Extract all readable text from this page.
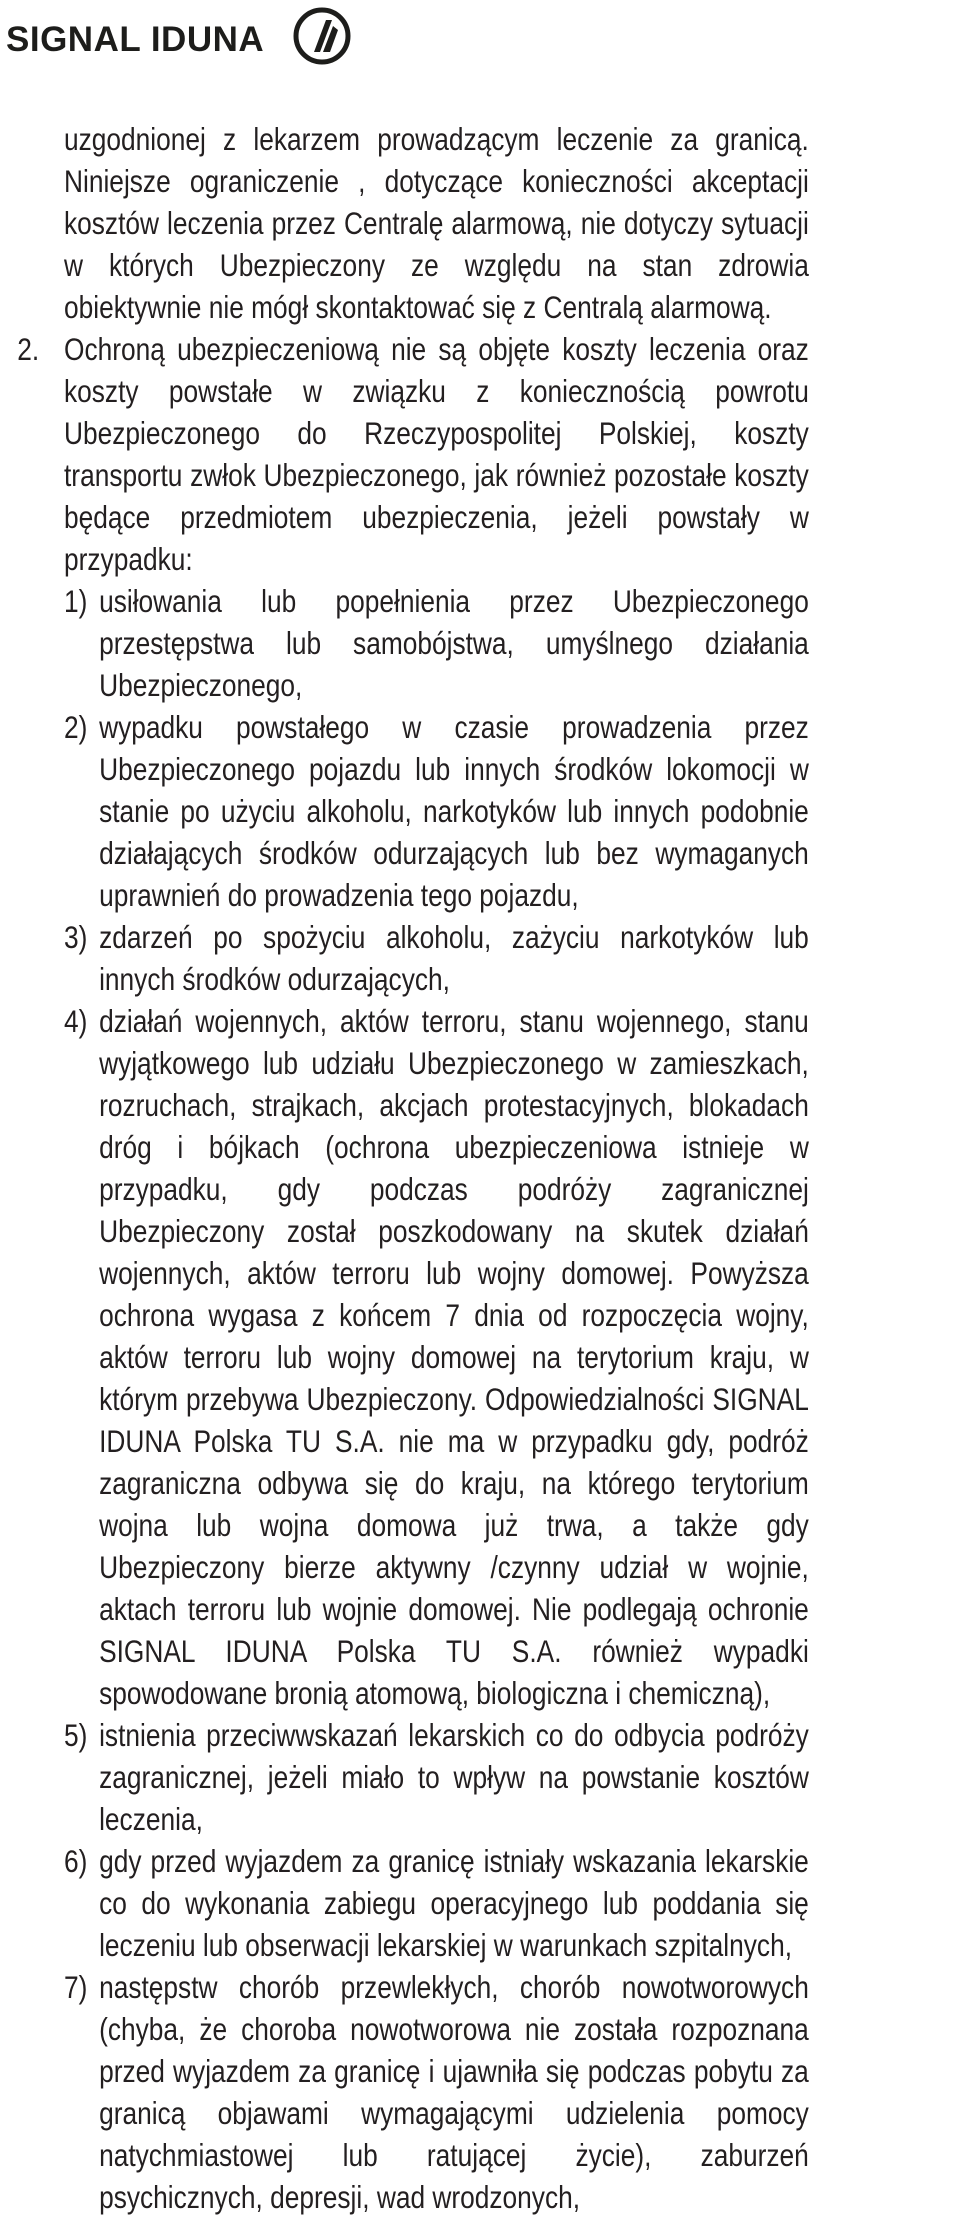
SIGNAL IDUNA

uzgodnionej z lekarzem prowadzącym leczenie za granicą. Niniejsze ograniczenie , dotyczące konieczności akceptacji kosztów leczenia przez Centralę alarmową, nie dotyczy sytuacji w których Ubezpieczony ze względu na stan zdrowia obiektywnie nie mógł skontaktować się z Centralą alarmową.

2. Ochroną ubezpieczeniową nie są objęte koszty leczenia oraz koszty powstałe w związku z koniecznością powrotu Ubezpieczonego do Rzeczypospolitej Polskiej, koszty transportu zwłok Ubezpieczonego, jak również pozostałe koszty będące przedmiotem ubezpieczenia, jeżeli powstały w przypadku:

1) usiłowania lub popełnienia przez Ubezpieczonego przestępstwa lub samobójstwa, umyślnego działania Ubezpieczonego,
2) wypadku powstałego w czasie prowadzenia przez Ubezpieczonego pojazdu lub innych środków lokomocji w stanie po użyciu alkoholu, narkotyków lub innych podobnie działających środków odurzających lub bez wymaganych uprawnień do prowadzenia tego pojazdu,
3) zdarzeń po spożyciu alkoholu, zażyciu narkotyków lub innych środków odurzających,
4) działań wojennych, aktów terroru, stanu wojennego, stanu wyjątkowego lub udziału Ubezpieczonego w zamieszkach, rozruchach, strajkach, akcjach protestacyjnych, blokadach dróg i bójkach (ochrona ubezpieczeniowa istnieje w przypadku, gdy podczas podróży zagranicznej Ubezpieczony został poszkodowany na skutek działań wojennych, aktów terroru lub wojny domowej. Powyższa ochrona wygasa z końcem 7 dnia od rozpoczęcia wojny, aktów terroru lub wojny domowej na terytorium kraju, w którym przebywa Ubezpieczony. Odpowiedzialności SIGNAL IDUNA Polska TU S.A. nie ma w przypadku gdy, podróż zagraniczna odbywa się do kraju, na którego terytorium wojna lub wojna domowa już trwa, a także gdy Ubezpieczony bierze aktywny /czynny udział w wojnie, aktach terroru lub wojnie domowej. Nie podlegają ochronie SIGNAL IDUNA Polska TU S.A. również wypadki spowodowane bronią atomową, biologiczna i chemiczną),
5) istnienia przeciwwskazań lekarskich co do odbycia podróży zagranicznej, jeżeli miało to wpływ na powstanie kosztów leczenia,
6) gdy przed wyjazdem za granicę istniały wskazania lekarskie co do wykonania zabiegu operacyjnego lub poddania się leczeniu lub obserwacji lekarskiej w warunkach szpitalnych,
7) następstw chorób przewlekłych, chorób nowotworowych (chyba, że choroba nowotworowa nie została rozpoznana przed wyjazdem za granicę i ujawniła się podczas pobytu za granicą objawami wymagającymi udzielenia pomocy natychmiastowej lub ratującej życie), zaburzeń psychicznych, depresji, wad wrodzonych,
